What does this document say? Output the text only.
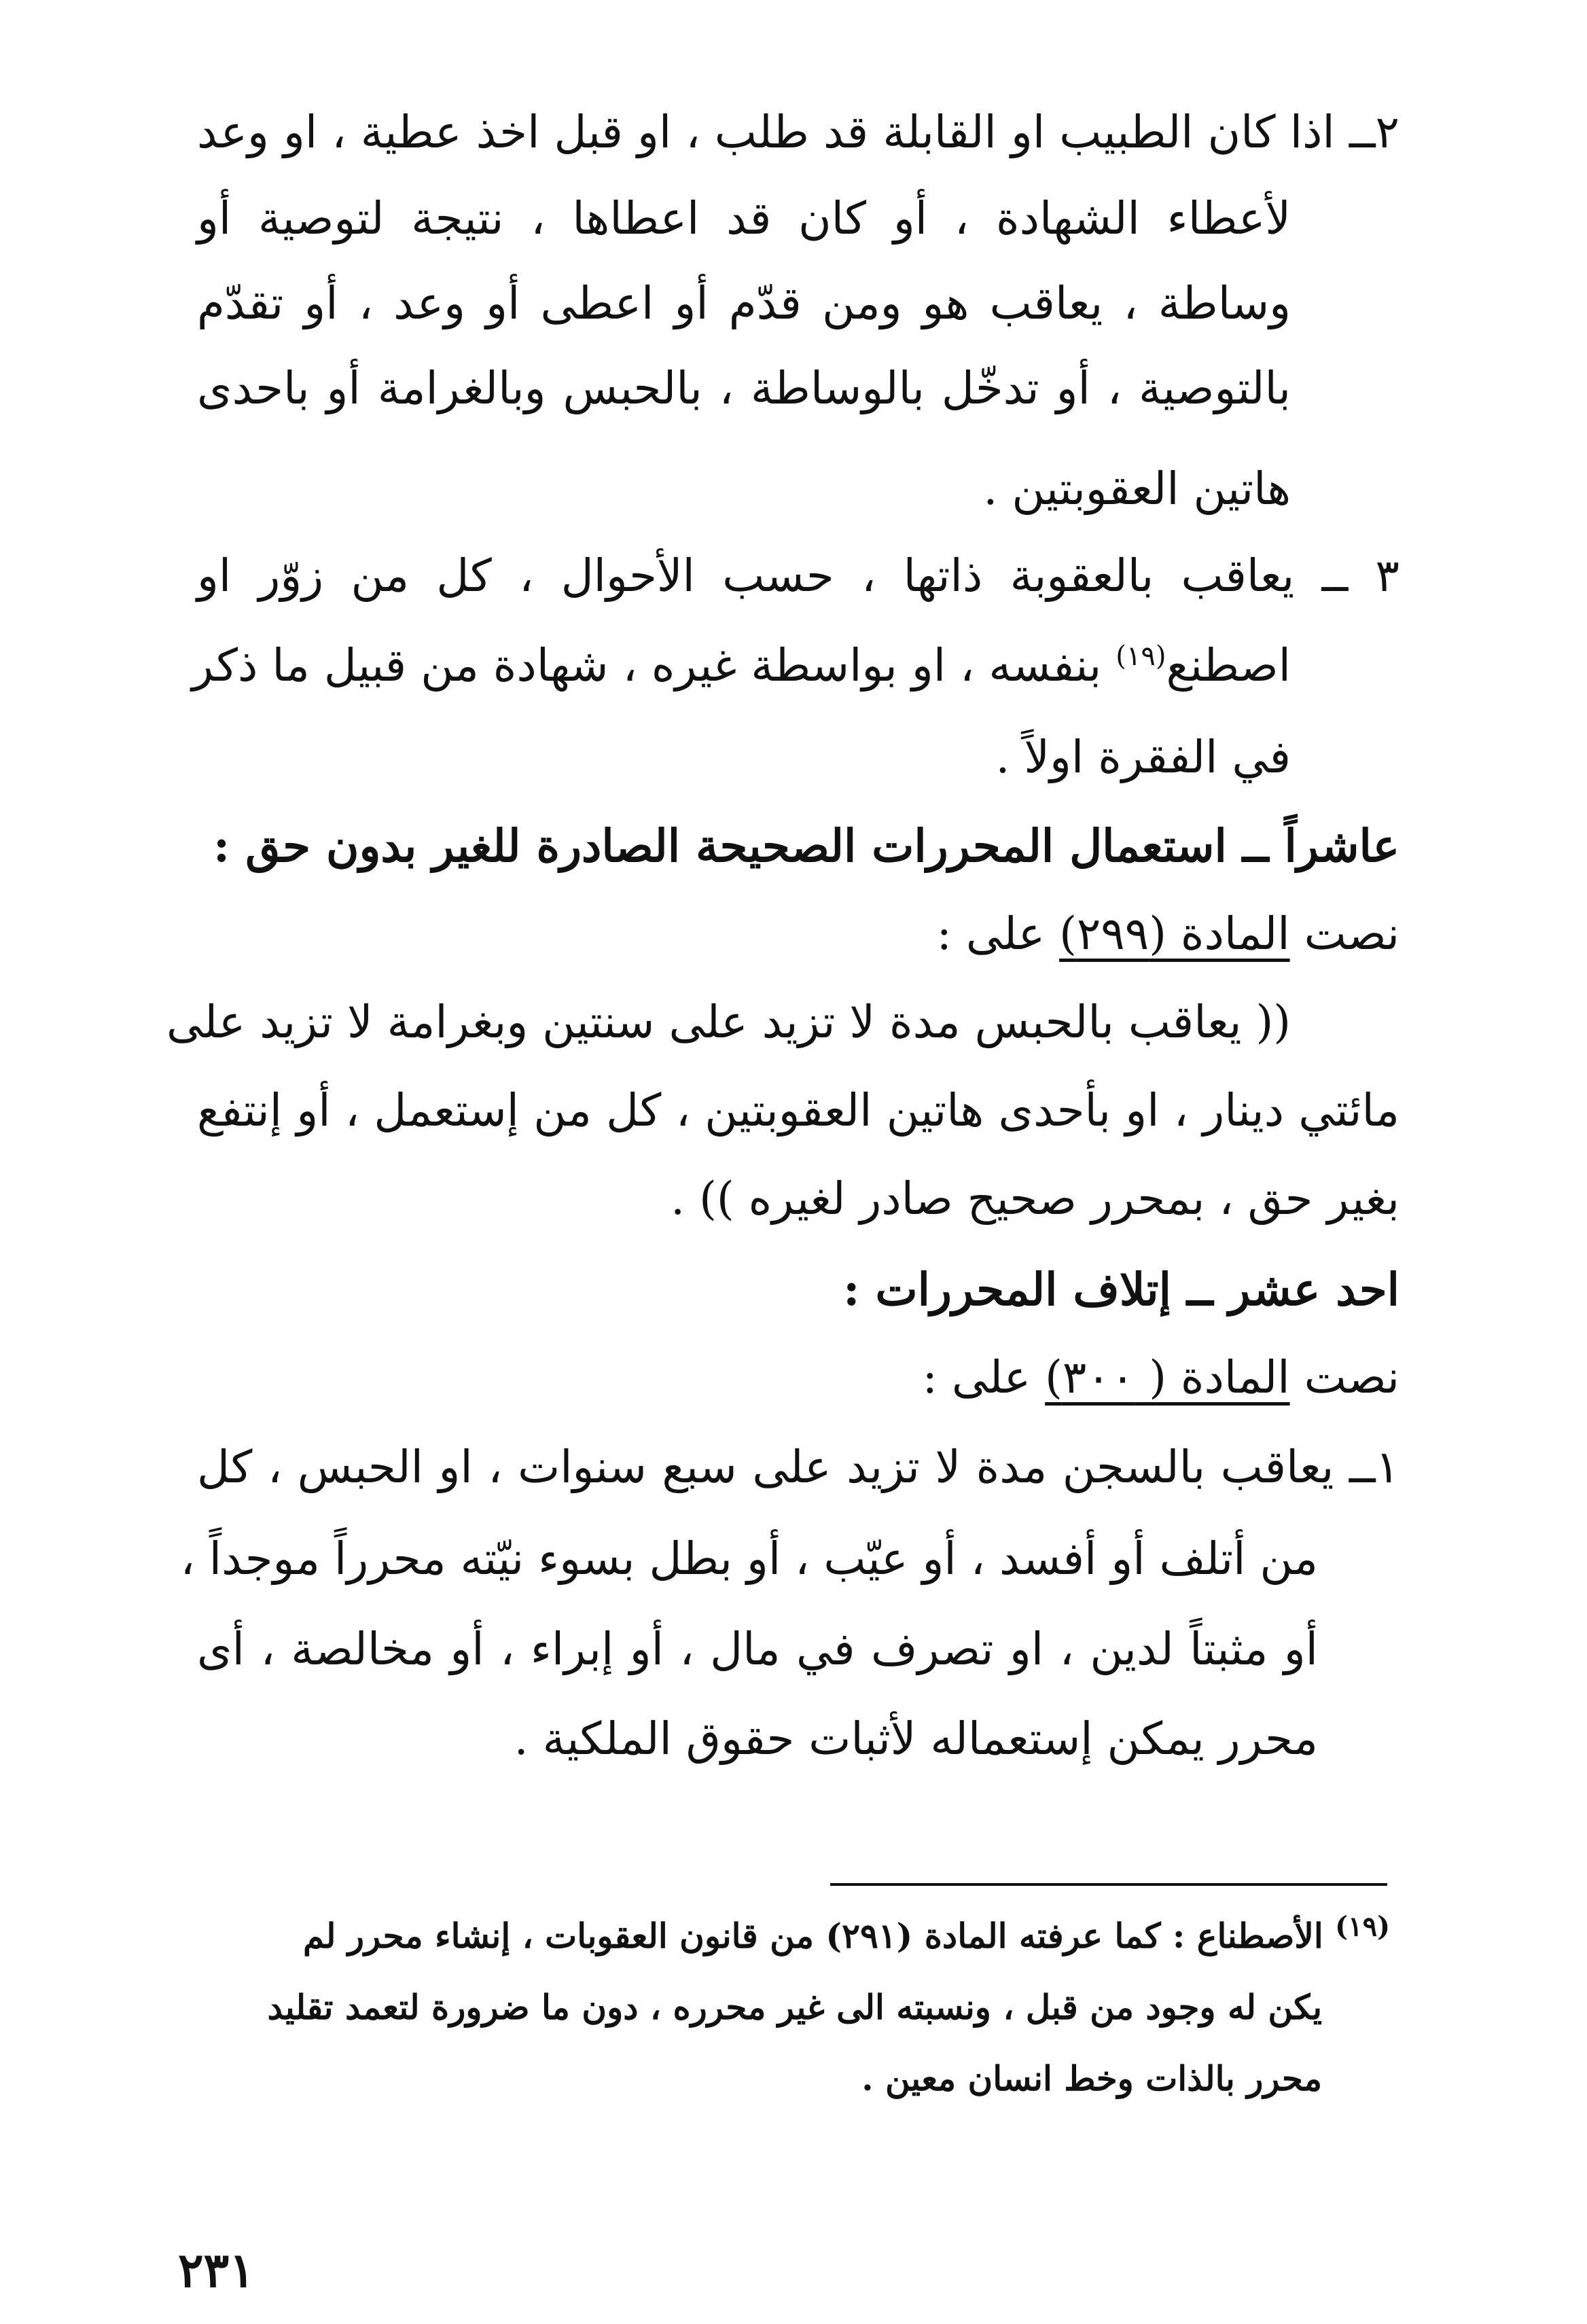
٢ــ اذا كان الطبيب او القابلة قد طلب ، او قبل اخذ عطية ، او وعد
لأعطاء الشهادة ، أو كان قد اعطاها ، نتيجة لتوصية أو
وساطة ، يعاقب هو ومن قدّم أو اعطى أو وعد ، أو تقدّم
بالتوصية ، أو تدخّل بالوساطة ، بالحبس وبالغرامة أو باحدى
هاتين العقوبتين .
٣ ــ يعاقب بالعقوبة ذاتها ، حسب الأحوال ، كل من زوّر او
اصطنع$^{(١٩)}$ بنفسه ، او بواسطة غيره ، شهادة من قبيل ما ذكر
في الفقرة اولاً .
عاشراً ــ استعمال المحررات الصحيحة الصادرة للغير بدون حق :
نصت المادة (٢٩٩) على :
(( يعاقب بالحبس مدة لا تزيد على سنتين وبغرامة لا تزيد على
مائتي دينار ، او بأحدى هاتين العقوبتين ، كل من إستعمل ، أو إنتفع
بغير حق ، بمحرر صحيح صادر لغيره )) .
احد عشر ــ إتلاف المحررات :
نصت المادة ( ٣٠٠) على :
١ــ يعاقب بالسجن مدة لا تزيد على سبع سنوات ، او الحبس ، كل
من أتلف أو أفسد ، أو عيّب ، أو بطل بسوء نيّته محرراً موجداً ،
أو مثبتاً لدين ، او تصرف في مال ، أو إبراء ، أو مخالصة ، أى
محرر يمكن إستعماله لأثبات حقوق الملكية .
$^{(١٩)}$ الأصطناع : كما عرفته المادة (٢٩١) من قانون العقوبات ، إنشاء محرر لم
يكن له وجود من قبل ، ونسبته الى غير محرره ، دون ما ضرورة لتعمد تقليد
محرر بالذات وخط انسان معين .
٢٣١
